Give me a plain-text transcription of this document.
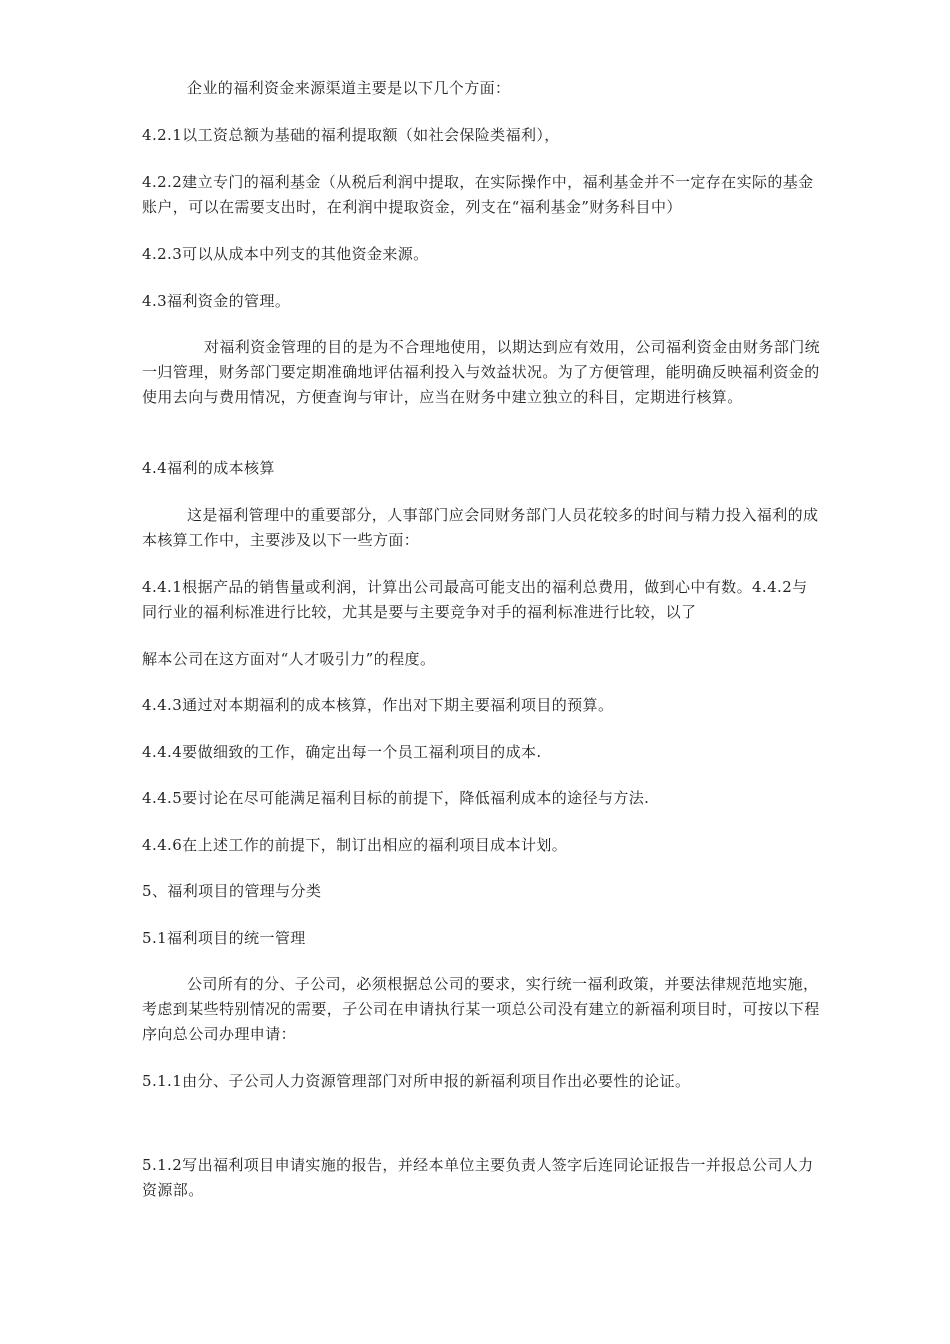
企业的福利资金来源渠道主要是以下几个方面：

4.2.1以工资总额为基础的福利提取额（如社会保险类福利），

4.2.2建立专门的福利基金（从税后利润中提取，在实际操作中，福利基金并不一定存在实际的基金账户，可以在需要支出时，在利润中提取资金，列支在“福利基金”财务科目中）

4.2.3可以从成本中列支的其他资金来源。

4.3福利资金的管理。

对福利资金管理的目的是为不合理地使用，以期达到应有效用，公司福利资金由财务部门统一归管理，财务部门要定期准确地评估福利投入与效益状况。为了方便管理，能明确反映福利资金的使用去向与费用情况，方便查询与审计，应当在财务中建立独立的科目，定期进行核算。

4.4福利的成本核算

这是福利管理中的重要部分，人事部门应会同财务部门人员花较多的时间与精力投入福利的成本核算工作中，主要涉及以下一些方面：

4.4.1根据产品的销售量或利润，计算出公司最高可能支出的福利总费用，做到心中有数。4.4.2与同行业的福利标准进行比较，尤其是要与主要竞争对手的福利标准进行比较，以了

解本公司在这方面对“人才吸引力”的程度。

4.4.3通过对本期福利的成本核算，作出对下期主要福利项目的预算。

4.4.4要做细致的工作，确定出每一个员工福利项目的成本.

4.4.5要讨论在尽可能满足福利目标的前提下，降低福利成本的途径与方法.

4.4.6在上述工作的前提下，制订出相应的福利项目成本计划。

5、福利项目的管理与分类

5.1福利项目的统一管理

公司所有的分、子公司，必须根据总公司的要求，实行统一福利政策，并要法律规范地实施，考虑到某些特别情况的需要，子公司在申请执行某一项总公司没有建立的新福利项目时，可按以下程序向总公司办理申请：

5.1.1由分、子公司人力资源管理部门对所申报的新福利项目作出必要性的论证。

5.1.2写出福利项目申请实施的报告，并经本单位主要负责人签字后连同论证报告一并报总公司人力资源部。
